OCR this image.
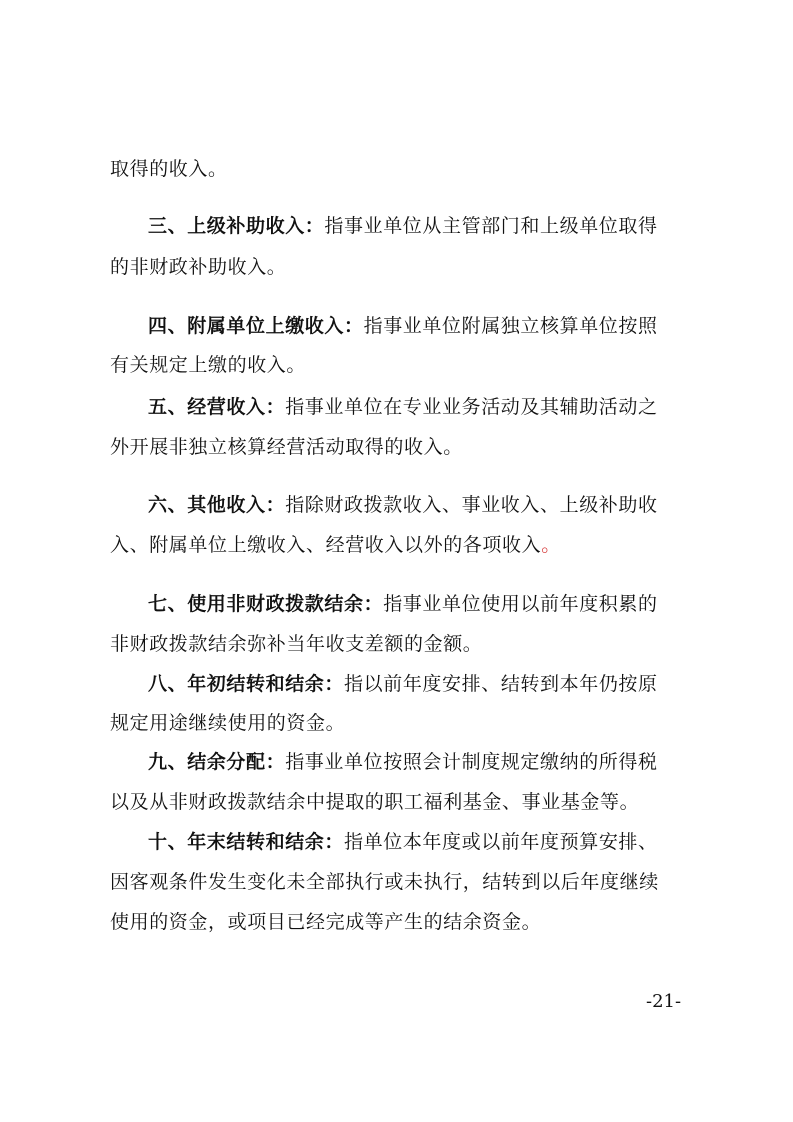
取得的收入。
三、上级补助收入：指事业单位从主管部门和上级单位取得
的非财政补助收入。
四、附属单位上缴收入：指事业单位附属独立核算单位按照
有关规定上缴的收入。
五、经营收入：指事业单位在专业业务活动及其辅助活动之
外开展非独立核算经营活动取得的收入。
六、其他收入：指除财政拨款收入、事业收入、上级补助收
入、附属单位上缴收入、经营收入以外的各项收入。
七、使用非财政拨款结余：指事业单位使用以前年度积累的
非财政拨款结余弥补当年收支差额的金额。
八、年初结转和结余：指以前年度安排、结转到本年仍按原
规定用途继续使用的资金。
九、结余分配：指事业单位按照会计制度规定缴纳的所得税
以及从非财政拨款结余中提取的职工福利基金、事业基金等。
十、年末结转和结余：指单位本年度或以前年度预算安排、
因客观条件发生变化未全部执行或未执行，结转到以后年度继续
使用的资金，或项目已经完成等产生的结余资金。
-21-
